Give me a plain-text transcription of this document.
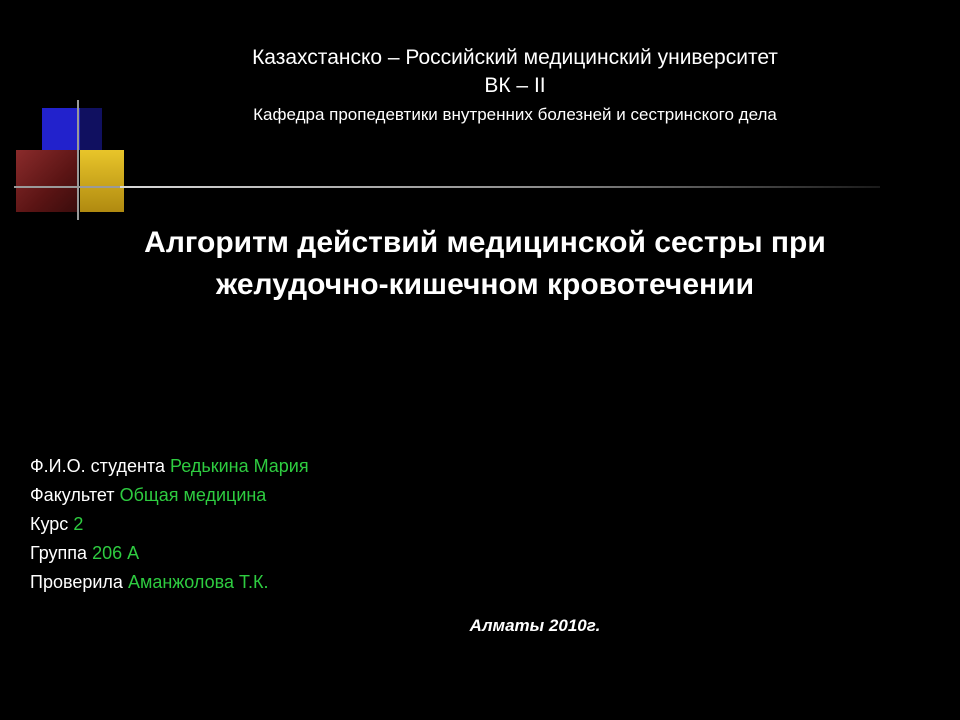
Казахстанско – Российский медицинский университет
ВК – II
Кафедра пропедевтики внутренних болезней и сестринского дела
Алгоритм действий медицинской сестры при желудочно-кишечном кровотечении
Ф.И.О. студента Редькина Мария
Факультет Общая медицина
Курс 2
Группа 206 А
Проверила Аманжолова Т.К.
Алматы 2010г.
